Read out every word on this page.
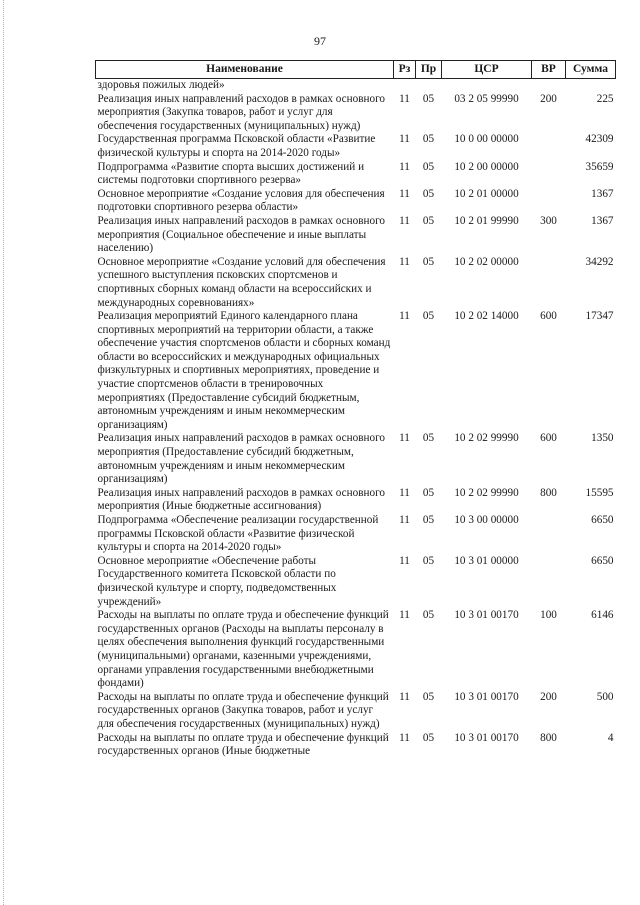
97
Наименование	Рз	Пр	ЦСР	ВР	Сумма
здоровья пожилых людей»					
Реализация иных направлений расходов в рамках основного мероприятия (Закупка товаров, работ и услуг для обеспечения государственных (муниципальных) нужд)	11	05	03 2 05 99990	200	225
Государственная программа Псковской области «Развитие физической культуры и спорта на 2014-2020 годы»	11	05	10 0 00 00000		42309
Подпрограмма «Развитие спорта высших достижений и системы подготовки спортивного резерва»	11	05	10 2 00 00000		35659
Основное мероприятие «Создание условия для обеспечения подготовки спортивного резерва области»	11	05	10 2 01 00000		1367
Реализация иных направлений расходов в рамках основного мероприятия (Социальное обеспечение и иные выплаты населению)	11	05	10 2 01 99990	300	1367
Основное мероприятие «Создание условий для обеспечения успешного выступления псковских спортсменов и спортивных сборных команд области на всероссийских и международных соревнованиях»	11	05	10 2 02 00000		34292
Реализация мероприятий Единого календарного плана спортивных мероприятий на территории области, а также обеспечение участия спортсменов области и сборных команд области во всероссийских и международных официальных физкультурных и спортивных мероприятиях, проведение и участие спортсменов области в тренировочных мероприятиях (Предоставление субсидий бюджетным, автономным учреждениям и иным некоммерческим организациям)	11	05	10 2 02 14000	600	17347
Реализация иных направлений расходов в рамках основного мероприятия (Предоставление субсидий бюджетным, автономным учреждениям и иным некоммерческим организациям)	11	05	10 2 02 99990	600	1350
Реализация иных направлений расходов в рамках основного мероприятия (Иные бюджетные ассигнования)	11	05	10 2 02 99990	800	15595
Подпрограмма «Обеспечение реализации государственной программы Псковской области «Развитие физической культуры и спорта на 2014-2020 годы»	11	05	10 3 00 00000		6650
Основное мероприятие «Обеспечение работы Государственного комитета Псковской области по физической культуре и спорту, подведомственных учреждений»	11	05	10 3 01 00000		6650
Расходы на выплаты по оплате труда и обеспечение функций государственных органов (Расходы на выплаты персоналу в целях обеспечения выполнения функций государственными (муниципальными) органами, казенными учреждениями, органами управления государственными внебюджетными фондами)	11	05	10 3 01 00170	100	6146
Расходы на выплаты по оплате труда и обеспечение функций государственных органов (Закупка товаров, работ и услуг для обеспечения государственных (муниципальных) нужд)	11	05	10 3 01 00170	200	500
Расходы на выплаты по оплате труда и обеспечение функций государственных органов (Иные бюджетные	11	05	10 3 01 00170	800	4
